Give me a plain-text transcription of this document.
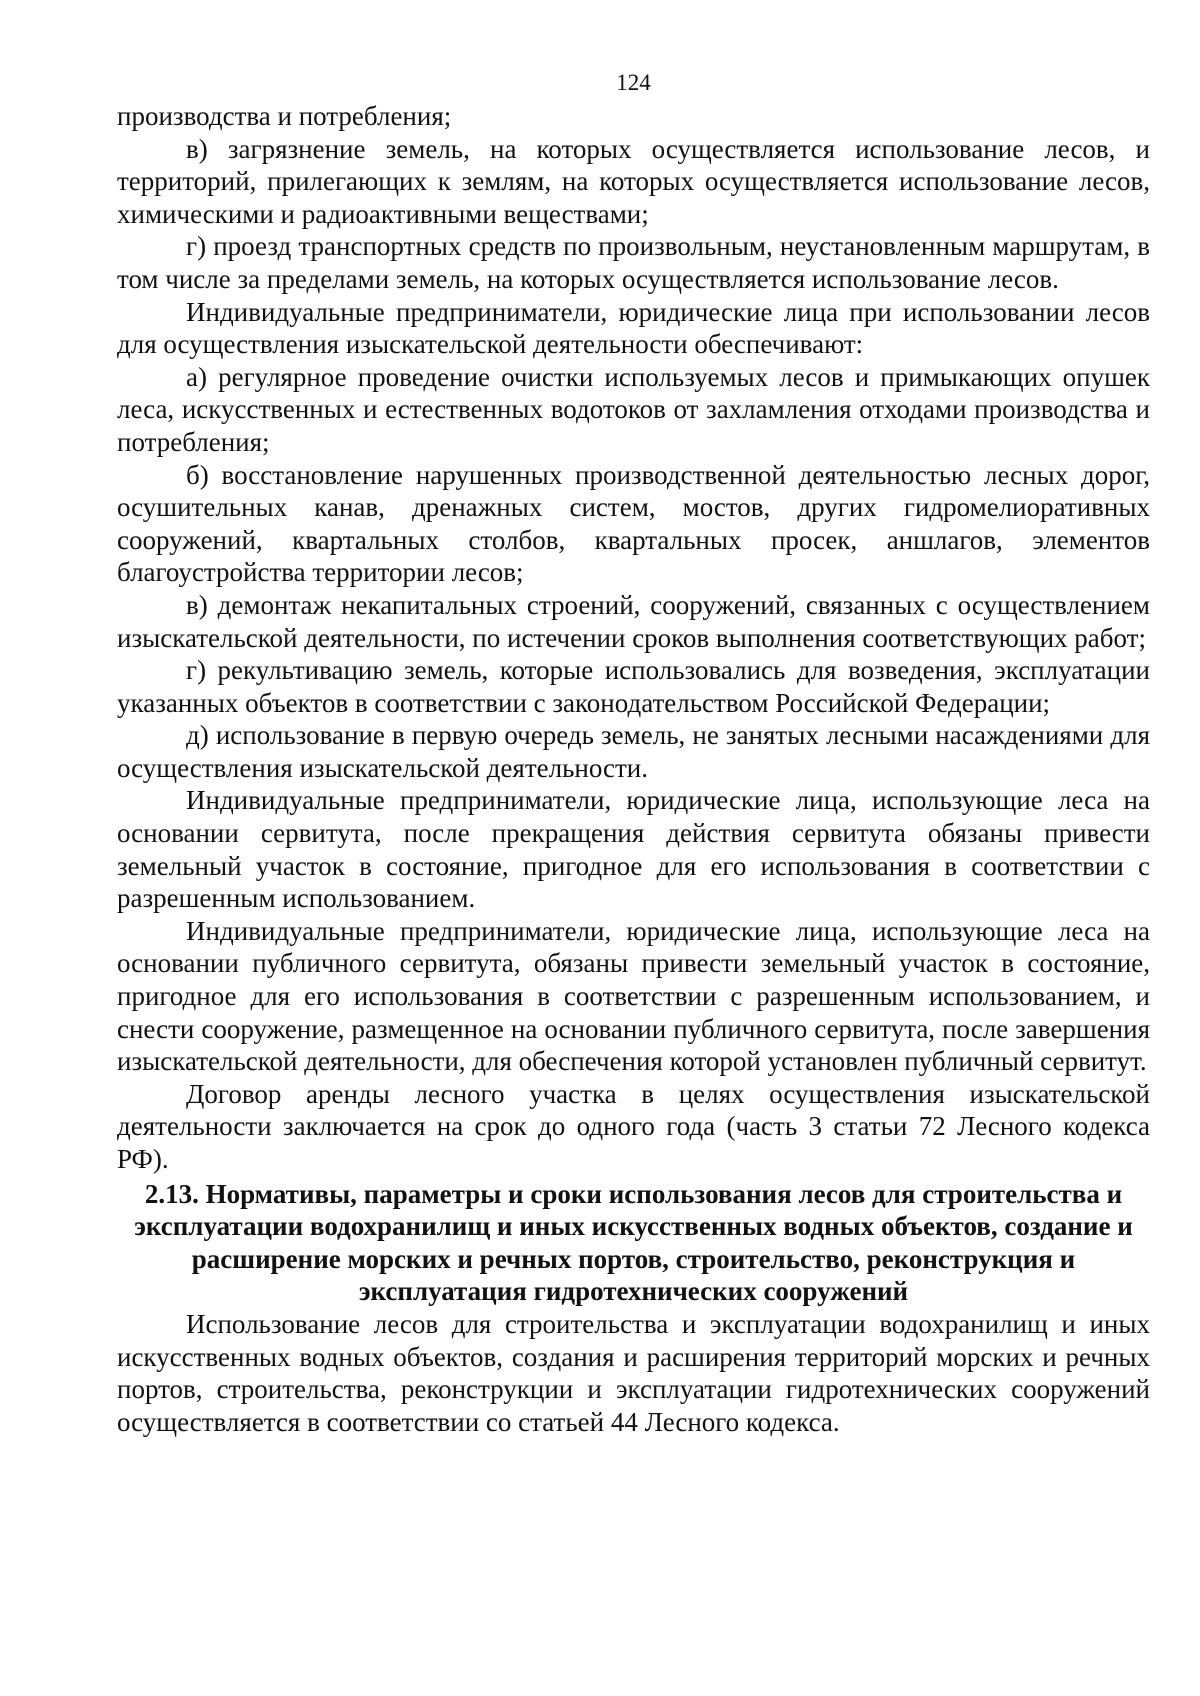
124

производства и потребления;

в) загрязнение земель, на которых осуществляется использование лесов, и территорий, прилегающих к землям, на которых осуществляется использование лесов, химическими и радиоактивными веществами;

г) проезд транспортных средств по произвольным, неустановленным маршрутам, в том числе за пределами земель, на которых осуществляется использование лесов.

Индивидуальные предприниматели, юридические лица при использовании лесов для осуществления изыскательской деятельности обеспечивают:

а) регулярное проведение очистки используемых лесов и примыкающих опушек леса, искусственных и естественных водотоков от захламления отходами производства и потребления;

б) восстановление нарушенных производственной деятельностью лесных дорог, осушительных канав, дренажных систем, мостов, других гидромелиоративных сооружений, квартальных столбов, квартальных просек, аншлагов, элементов благоустройства территории лесов;

в) демонтаж некапитальных строений, сооружений, связанных с осуществлением изыскательской деятельности, по истечении сроков выполнения соответствующих работ;

г) рекультивацию земель, которые использовались для возведения, эксплуатации указанных объектов в соответствии с законодательством Российской Федерации;

д) использование в первую очередь земель, не занятых лесными насаждениями для осуществления изыскательской деятельности.

Индивидуальные предприниматели, юридические лица, использующие леса на основании сервитута, после прекращения действия сервитута обязаны привести земельный участок в состояние, пригодное для его использования в соответствии с разрешенным использованием.

Индивидуальные предприниматели, юридические лица, использующие леса на основании публичного сервитута, обязаны привести земельный участок в состояние, пригодное для его использования в соответствии с разрешенным использованием, и снести сооружение, размещенное на основании публичного сервитута, после завершения изыскательской деятельности, для обеспечения которой установлен публичный сервитут.

Договор аренды лесного участка в целях осуществления изыскательской деятельности заключается на срок до одного года (часть 3 статьи 72 Лесного кодекса РФ).

2.13. Нормативы, параметры и сроки использования лесов для строительства и эксплуатации водохранилищ и иных искусственных водных объектов, создание и расширение морских и речных портов, строительство, реконструкция и эксплуатация гидротехнических сооружений

Использование лесов для строительства и эксплуатации водохранилищ и иных искусственных водных объектов, создания и расширения территорий морских и речных портов, строительства, реконструкции и эксплуатации гидротехнических сооружений осуществляется в соответствии со статьей 44 Лесного кодекса.
